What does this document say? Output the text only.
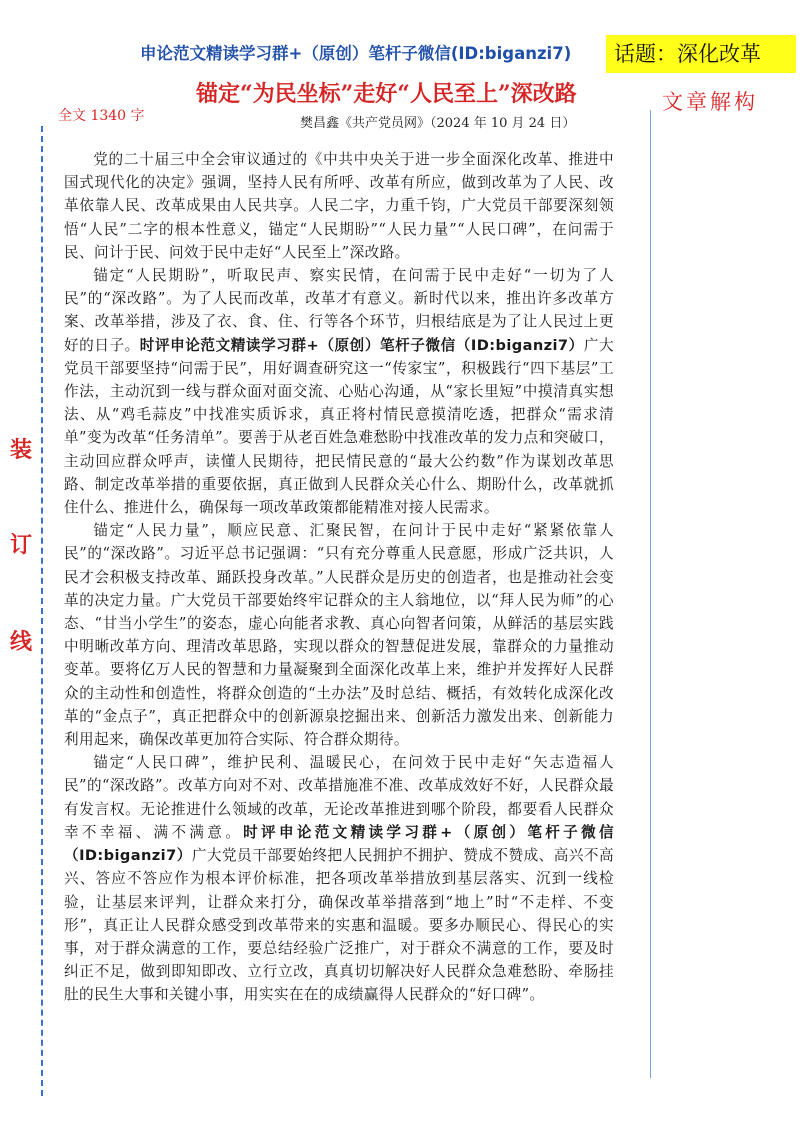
申论范文精读学习群+（原创）笔杆子微信(ID:biganzi7)	话题：深化改革
锚定“为民坐标”走好“人民至上”深改路	文章解构
全文 1340 字	樊昌鑫《共产党员网》（2024 年 10 月 24 日）
装
订
线

党的二十届三中全会审议通过的《中共中央关于进一步全面深化改革、推进中国式现代化的决定》强调，坚持人民有所呼、改革有所应，做到改革为了人民、改革依靠人民、改革成果由人民共享。人民二字，力重千钧，广大党员干部要深刻领悟“人民”二字的根本性意义，锚定“人民期盼”“人民力量”“人民口碑”，在问需于民、问计于民、问效于民中走好“人民至上”深改路。

锚定“人民期盼”，听取民声、察实民情，在问需于民中走好“一切为了人民”的“深改路”。为了人民而改革，改革才有意义。新时代以来，推出许多改革方案、改革举措，涉及了衣、食、住、行等各个环节，归根结底是为了让人民过上更好的日子。时评申论范文精读学习群+（原创）笔杆子微信（ID:biganzi7）广大党员干部要坚持“问需于民”，用好调查研究这一“传家宝”，积极践行“四下基层”工作法，主动沉到一线与群众面对面交流、心贴心沟通，从“家长里短”中摸清真实想法、从“鸡毛蒜皮”中找准实质诉求，真正将村情民意摸清吃透，把群众“需求清单”变为改革“任务清单”。要善于从老百姓急难愁盼中找准改革的发力点和突破口，主动回应群众呼声，读懂人民期待，把民情民意的“最大公约数”作为谋划改革思路、制定改革举措的重要依据，真正做到人民群众关心什么、期盼什么，改革就抓住什么、推进什么，确保每一项改革政策都能精准对接人民需求。

锚定“人民力量”，顺应民意、汇聚民智，在问计于民中走好“紧紧依靠人民”的“深改路”。习近平总书记强调：“只有充分尊重人民意愿，形成广泛共识，人民才会积极支持改革、踊跃投身改革。”人民群众是历史的创造者，也是推动社会变革的决定力量。广大党员干部要始终牢记群众的主人翁地位，以“拜人民为师”的心态、“甘当小学生”的姿态，虚心向能者求教、真心向智者问策，从鲜活的基层实践中明晰改革方向、理清改革思路，实现以群众的智慧促进发展，靠群众的力量推动变革。要将亿万人民的智慧和力量凝聚到全面深化改革上来，维护并发挥好人民群众的主动性和创造性，将群众创造的“土办法”及时总结、概括，有效转化成深化改革的“金点子”，真正把群众中的创新源泉挖掘出来、创新活力激发出来、创新能力利用起来，确保改革更加符合实际、符合群众期待。

锚定“人民口碑”，维护民利、温暖民心，在问效于民中走好“矢志造福人民”的“深改路”。改革方向对不对、改革措施准不准、改革成效好不好，人民群众最有发言权。无论推进什么领域的改革，无论改革推进到哪个阶段，都要看人民群众幸不幸福、满不满意。时评申论范文精读学习群+（原创）笔杆子微信（ID:biganzi7）广大党员干部要始终把人民拥护不拥护、赞成不赞成、高兴不高兴、答应不答应作为根本评价标准，把各项改革举措放到基层落实、沉到一线检验，让基层来评判，让群众来打分，确保改革举措落到“地上”时“不走样、不变形”，真正让人民群众感受到改革带来的实惠和温暖。要多办顺民心、得民心的实事，对于群众满意的工作，要总结经验广泛推广，对于群众不满意的工作，要及时纠正不足，做到即知即改、立行立改，真真切切解决好人民群众急难愁盼、牵肠挂肚的民生大事和关键小事，用实实在在的成绩赢得人民群众的“好口碑”。
